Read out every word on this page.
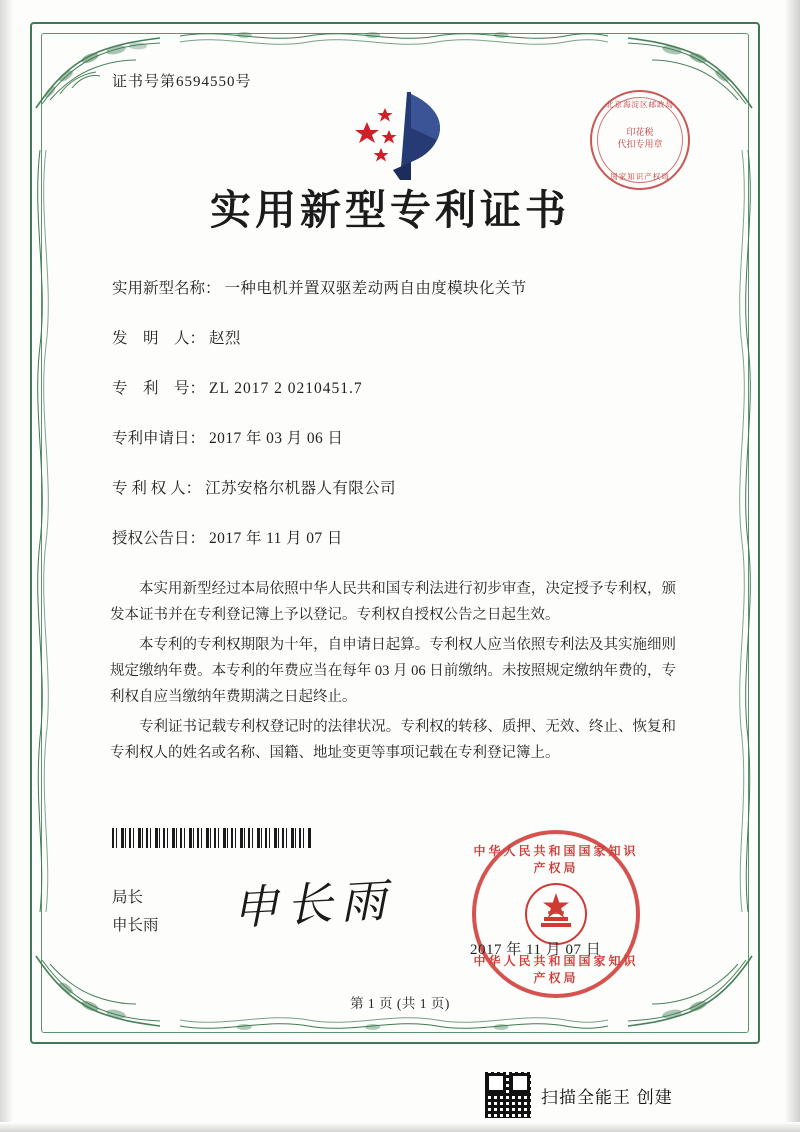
证书号第6594550号
北京海淀区邮政局
印花税
代扣专用章
国家知识产权局
实用新型专利证书
实用新型名称： 一种电机并置双驱差动两自由度模块化关节
发　明　人： 赵烈
专　利　号： ZL 2017 2 0210451.7
专利申请日： 2017 年 03 月 06 日
专 利 权 人： 江苏安格尔机器人有限公司
授权公告日： 2017 年 11 月 07 日

本实用新型经过本局依照中华人民共和国专利法进行初步审查，决定授予专利权，颁发本证书并在专利登记簿上予以登记。专利权自授权公告之日起生效。

本专利的专利权期限为十年，自申请日起算。专利权人应当依照专利法及其实施细则规定缴纳年费。本专利的年费应当在每年 03 月 06 日前缴纳。未按照规定缴纳年费的，专利权自应当缴纳年费期满之日起终止。

专利证书记载专利权登记时的法律状况。专利权的转移、质押、无效、终止、恢复和专利权人的姓名或名称、国籍、地址变更等事项记载在专利登记簿上。

局长
申长雨 申长雨
中华人民共和国国家知识产权局
中华人民共和国国家知识产权局
2017 年 11 月 07 日
第 1 页 (共 1 页)
扫描全能王 创建
